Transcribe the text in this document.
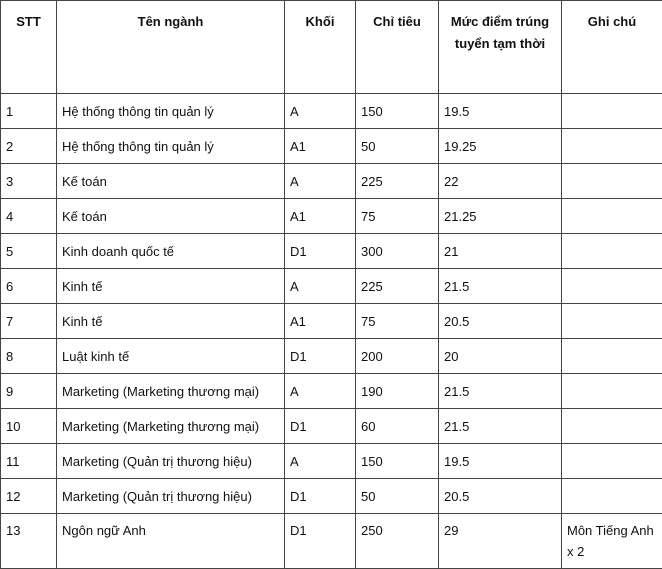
STT	Tên ngành	Khối	Chỉ tiêu	Mức điểm trúng tuyển tạm thời	Ghi chú
1	Hệ thống thông tin quản lý	A	150	19.5	
2	Hệ thống thông tin quản lý	A1	50	19.25	
3	Kế toán	A	225	22	
4	Kế toán	A1	75	21.25	
5	Kinh doanh quốc tế	D1	300	21	
6	Kinh tế	A	225	21.5	
7	Kinh tế	A1	75	20.5	
8	Luật kinh tế	D1	200	20	
9	Marketing (Marketing thương mại)	A	190	21.5	
10	Marketing (Marketing thương mại)	D1	60	21.5	
11	Marketing (Quản trị thương hiệu)	A	150	19.5	
12	Marketing (Quản trị thương hiệu)	D1	50	20.5	
13	Ngôn ngữ Anh	D1	250	29	Môn Tiếng Anh x 2
